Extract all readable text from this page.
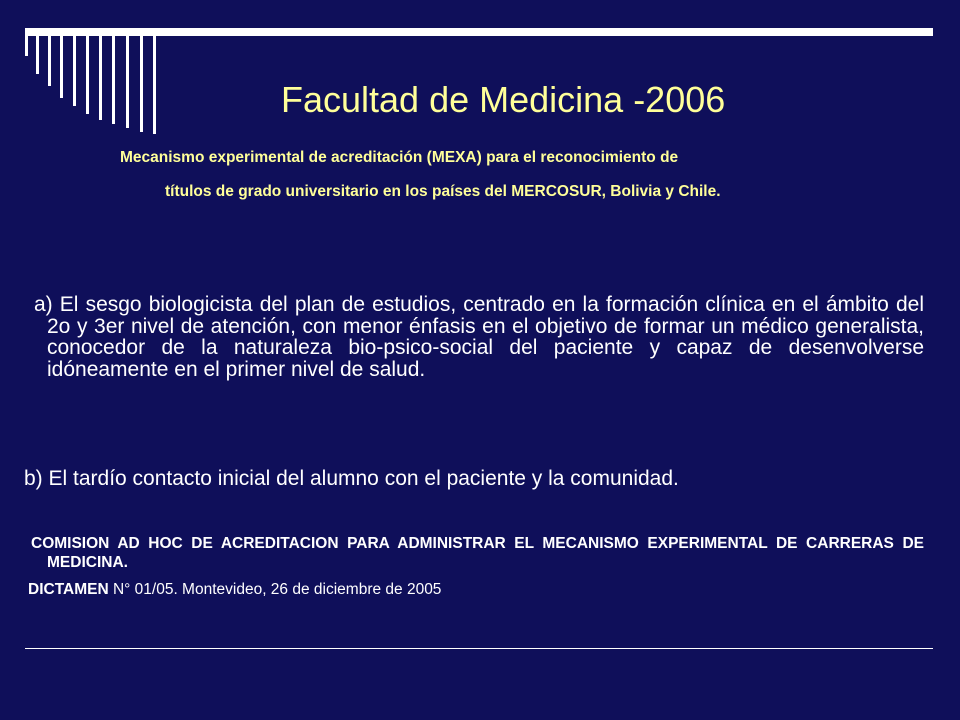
Facultad de Medicina -2006
Mecanismo experimental de acreditación (MEXA) para el reconocimiento de
títulos de grado universitario en los países del MERCOSUR, Bolivia y Chile.
a) El sesgo biologicista del plan de estudios, centrado en la formación clínica en el ámbito del 2o y 3er nivel de atención, con menor énfasis en el objetivo de formar un médico generalista, conocedor de la naturaleza bio-psico-social del paciente y capaz de desenvolverse idóneamente en el primer nivel de salud.
b) El tardío contacto inicial del alumno con el paciente y la comunidad.
COMISION AD HOC DE ACREDITACION PARA ADMINISTRAR EL MECANISMO EXPERIMENTAL DE CARRERAS DE MEDICINA.
DICTAMEN N° 01/05. Montevideo, 26 de diciembre de 2005
